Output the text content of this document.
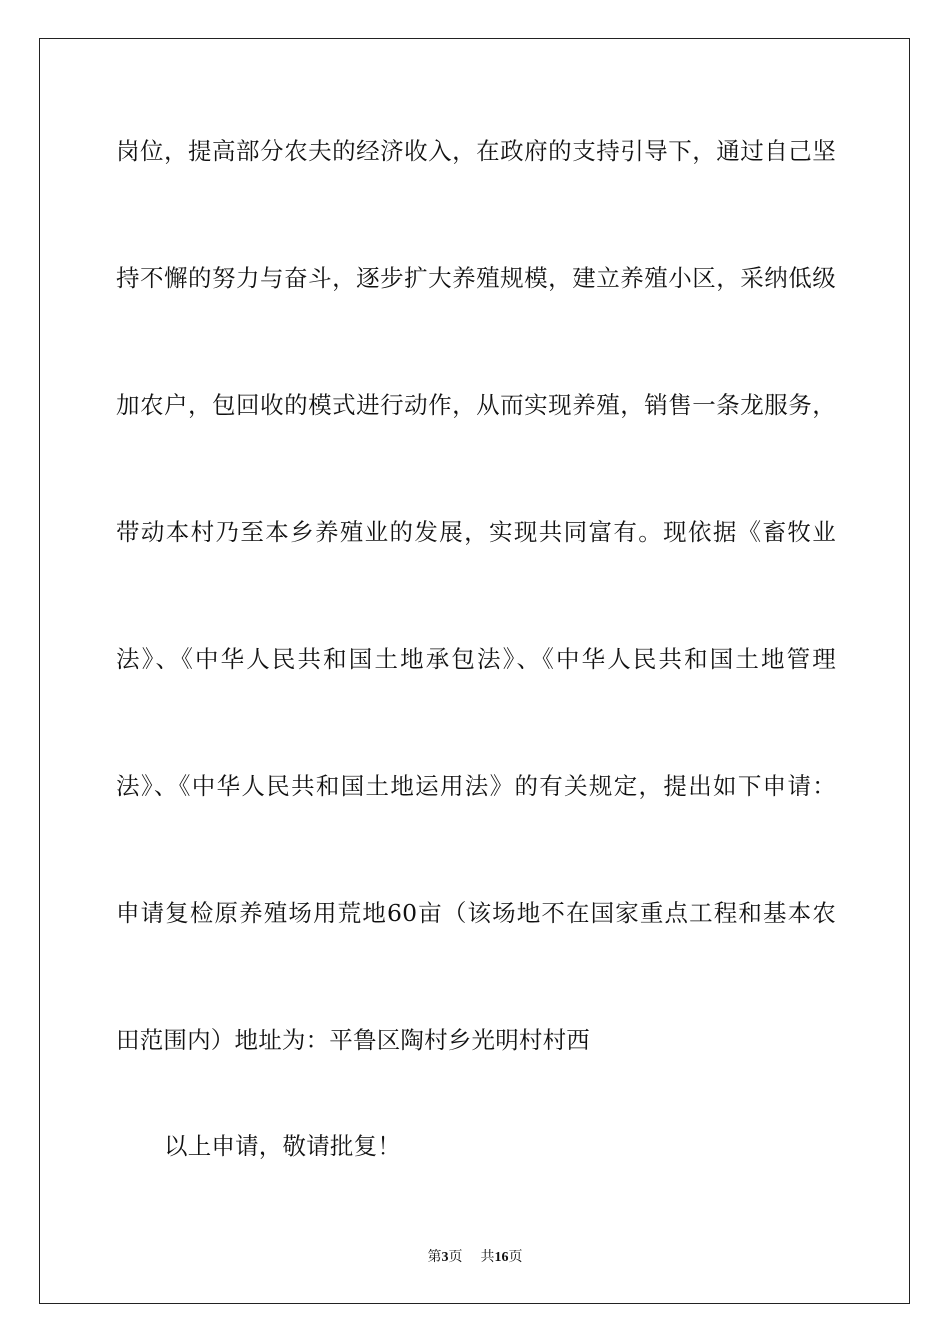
岗位，提高部分农夫的经济收入，在政府的支持引导下，通过自己坚
持不懈的努力与奋斗，逐步扩大养殖规模，建立养殖小区，采纳低级
加农户，包回收的模式进行动作，从而实现养殖，销售一条龙服务，
带动本村乃至本乡养殖业的发展，实现共同富有。现依据《畜牧业
法》、《中华人民共和国土地承包法》、《中华人民共和国土地管理
法》、《中华人民共和国土地运用法》的有关规定，提出如下申请：
申请复检原养殖场用荒地60亩（该场地不在国家重点工程和基本农
田范围内）地址为：平鲁区陶村乡光明村村西
以上申请，敬请批复！
第3页 共16页
